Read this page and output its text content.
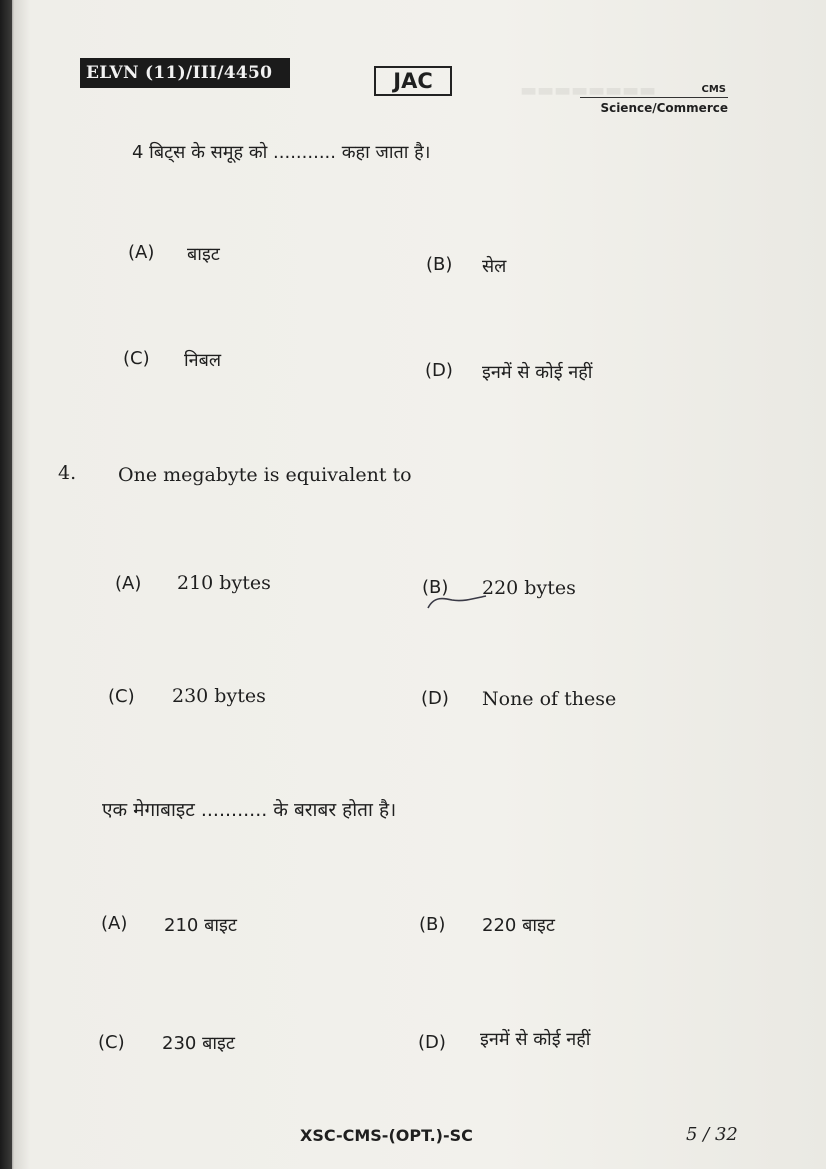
▬▬▬▬▬▬▬▬
ELVN (11)/III/4450	JAC	CMS
Science/Commerce
4 बिट्स के समूह को ........... कहा जाता है।
(A) बाइट	(B) सेल
(C) निबल	(D) इनमें से कोई नहीं
4. One megabyte is equivalent to
(A) 210 bytes	(B) 220 bytes
(C) 230 bytes	(D) None of these
एक मेगाबाइट ........... के बराबर होता है।
(A) 210 बाइट	(B) 220 बाइट
(C) 230 बाइट	(D) इनमें से कोई नहीं
XSC-CMS-(OPT.)-SC	5 / 32
